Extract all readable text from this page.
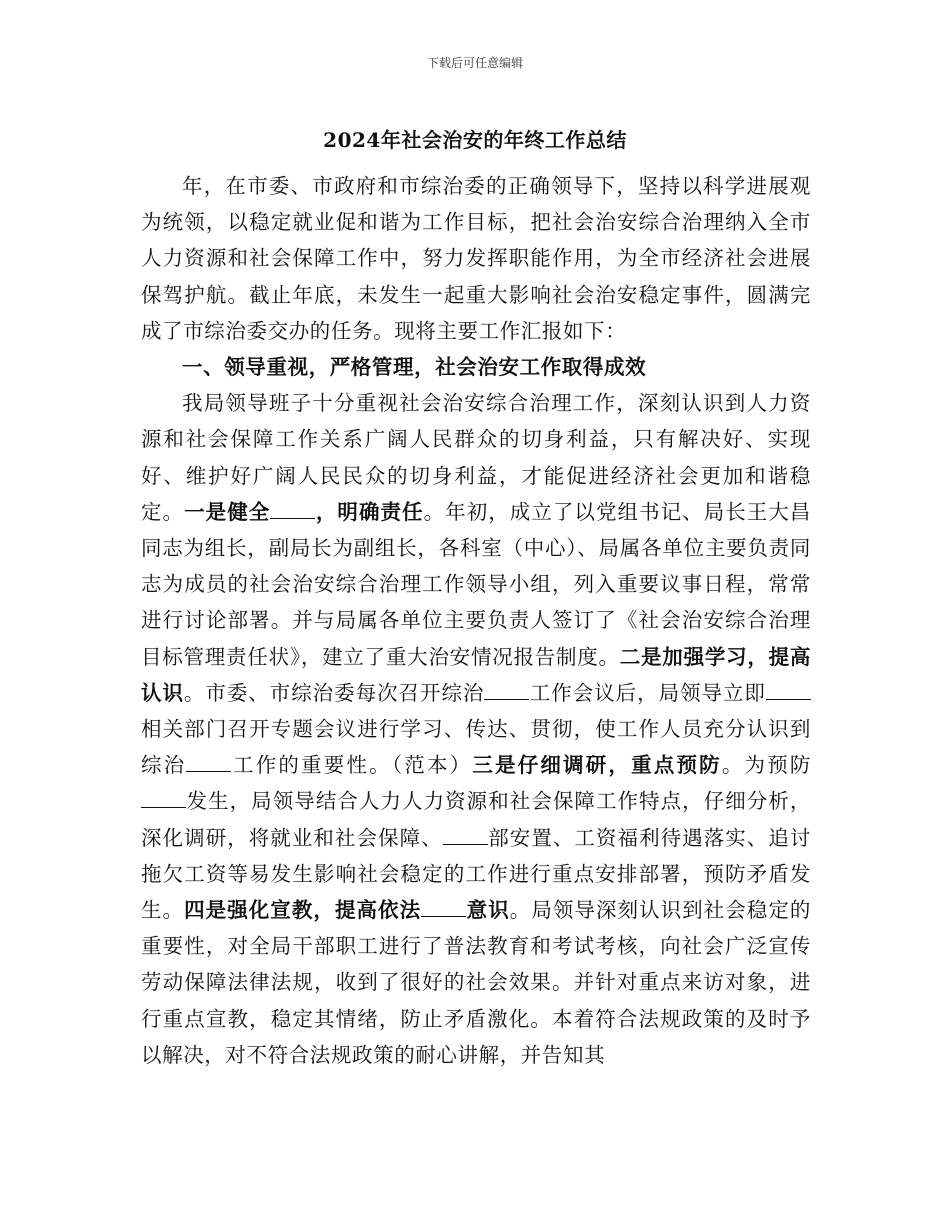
下载后可任意编辑
2024年社会治安的年终工作总结

年，在市委、市政府和市综治委的正确领导下，坚持以科学进展观为统领，以稳定就业促和谐为工作目标，把社会治安综合治理纳入全市人力资源和社会保障工作中，努力发挥职能作用，为全市经济社会进展保驾护航。截止年底，未发生一起重大影响社会治安稳定事件，圆满完成了市综治委交办的任务。现将主要工作汇报如下：

一、领导重视，严格管理，社会治安工作取得成效

我局领导班子十分重视社会治安综合治理工作，深刻认识到人力资源和社会保障工作关系广阔人民群众的切身利益，只有解决好、实现好、维护好广阔人民民众的切身利益，才能促进经济社会更加和谐稳定。一是健全 ，明确责任。年初，成立了以党组书记、局长王大昌同志为组长，副局长为副组长，各科室（中心）、局属各单位主要负责同志为成员的社会治安综合治理工作领导小组，列入重要议事日程，常常进行讨论部署。并与局属各单位主要负责人签订了《社会治安综合治理目标管理责任状》，建立了重大治安情况报告制度。二是加强学习，提高认识。市委、市综治委每次召开综治 工作会议后，局领导立即相关部门召开专题会议进行学习、传达、贯彻，使工作人员充分认识到综治 工作的重要性。（范本）三是仔细调研，重点预防。为预防发生，局领导结合人力人力资源和社会保障工作特点，仔细分析，深化调研，将就业和社会保障、 部安置、工资福利待遇落实、追讨拖欠工资等易发生影响社会稳定的工作进行重点安排部署，预防矛盾发生。四是强化宣教，提高依法 意识。局领导深刻认识到社会稳定的重要性，对全局干部职工进行了普法教育和考试考核，向社会广泛宣传劳动保障法律法规，收到了很好的社会效果。并针对重点来访对象，进行重点宣教，稳定其情绪，防止矛盾激化。本着符合法规政策的及时予以解决，对不符合法规政策的耐心讲解，并告知其
